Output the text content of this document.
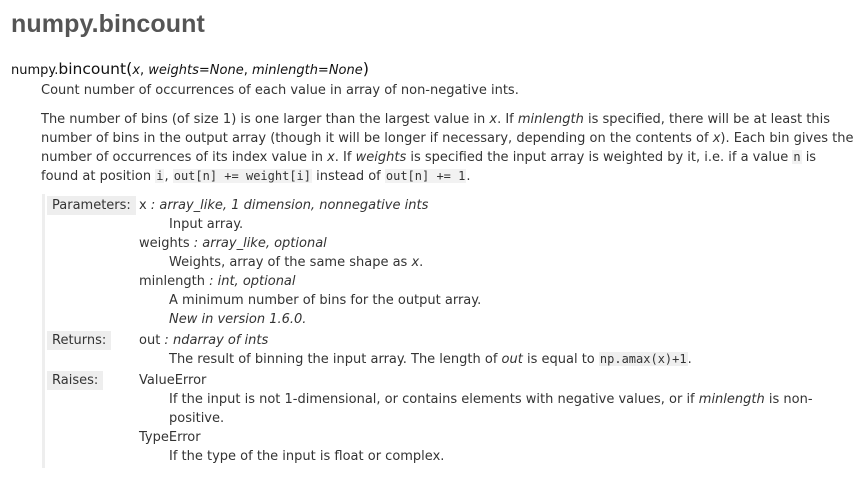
numpy.bincount
numpy.bincount(x, weights=None, minlength=None)

Count number of occurrences of each value in array of non-negative ints.

The number of bins (of size 1) is one larger than the largest value in x. If minlength is specified, there will be at least this

number of bins in the output array (though it will be longer if necessary, depending on the contents of x). Each bin gives the

number of occurrences of its index value in x. If weights is specified the input array is weighted by it, i.e. if a value n is

found at position i, out[n] += weight[i] instead of out[n] += 1.

Parameters:
Returns:
Raises:
x : array_like, 1 dimension, nonnegative ints
Input array.
weights : array_like, optional
Weights, array of the same shape as x.
minlength : int, optional
A minimum number of bins for the output array.
New in version 1.6.0.
out : ndarray of ints
The result of binning the input array. The length of out is equal to np.amax(x)+1.
ValueError
If the input is not 1-dimensional, or contains elements with negative values, or if minlength is non-
positive.
TypeError
If the type of the input is float or complex.
